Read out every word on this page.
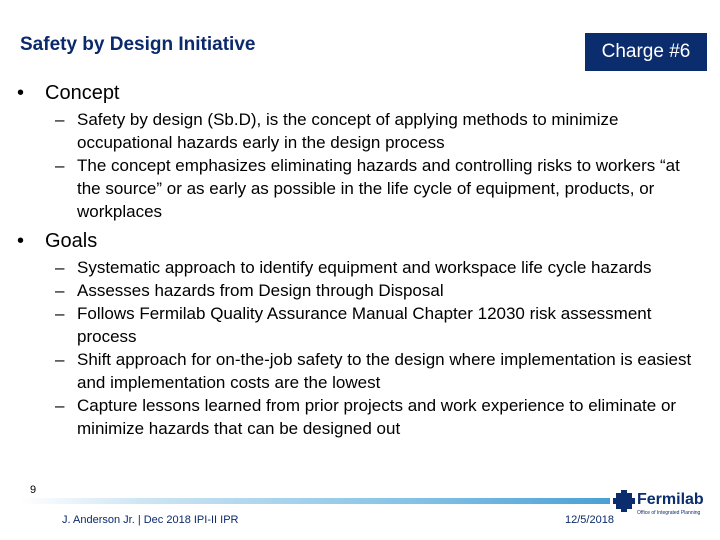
Safety by Design Initiative	Charge #6
• Concept
– Safety by design (Sb.D), is the concept of applying methods to minimize occupational hazards early in the design process
– The concept emphasizes eliminating hazards and controlling risks to workers “at the source” or as early as possible in the life cycle of equipment, products, or workplaces
• Goals
– Systematic approach to identify equipment and workspace life cycle hazards
– Assesses hazards from Design through Disposal
– Follows Fermilab Quality Assurance Manual Chapter 12030 risk assessment process
– Shift approach for on-the-job safety to the design where implementation is easiest and implementation costs are the lowest
– Capture lessons learned from prior projects and work experience to eliminate or minimize hazards that can be designed out
9
J. Anderson Jr. | Dec 2018 IPI-II IPR	12/5/2018
Fermilab
Office of Integrated Planning
